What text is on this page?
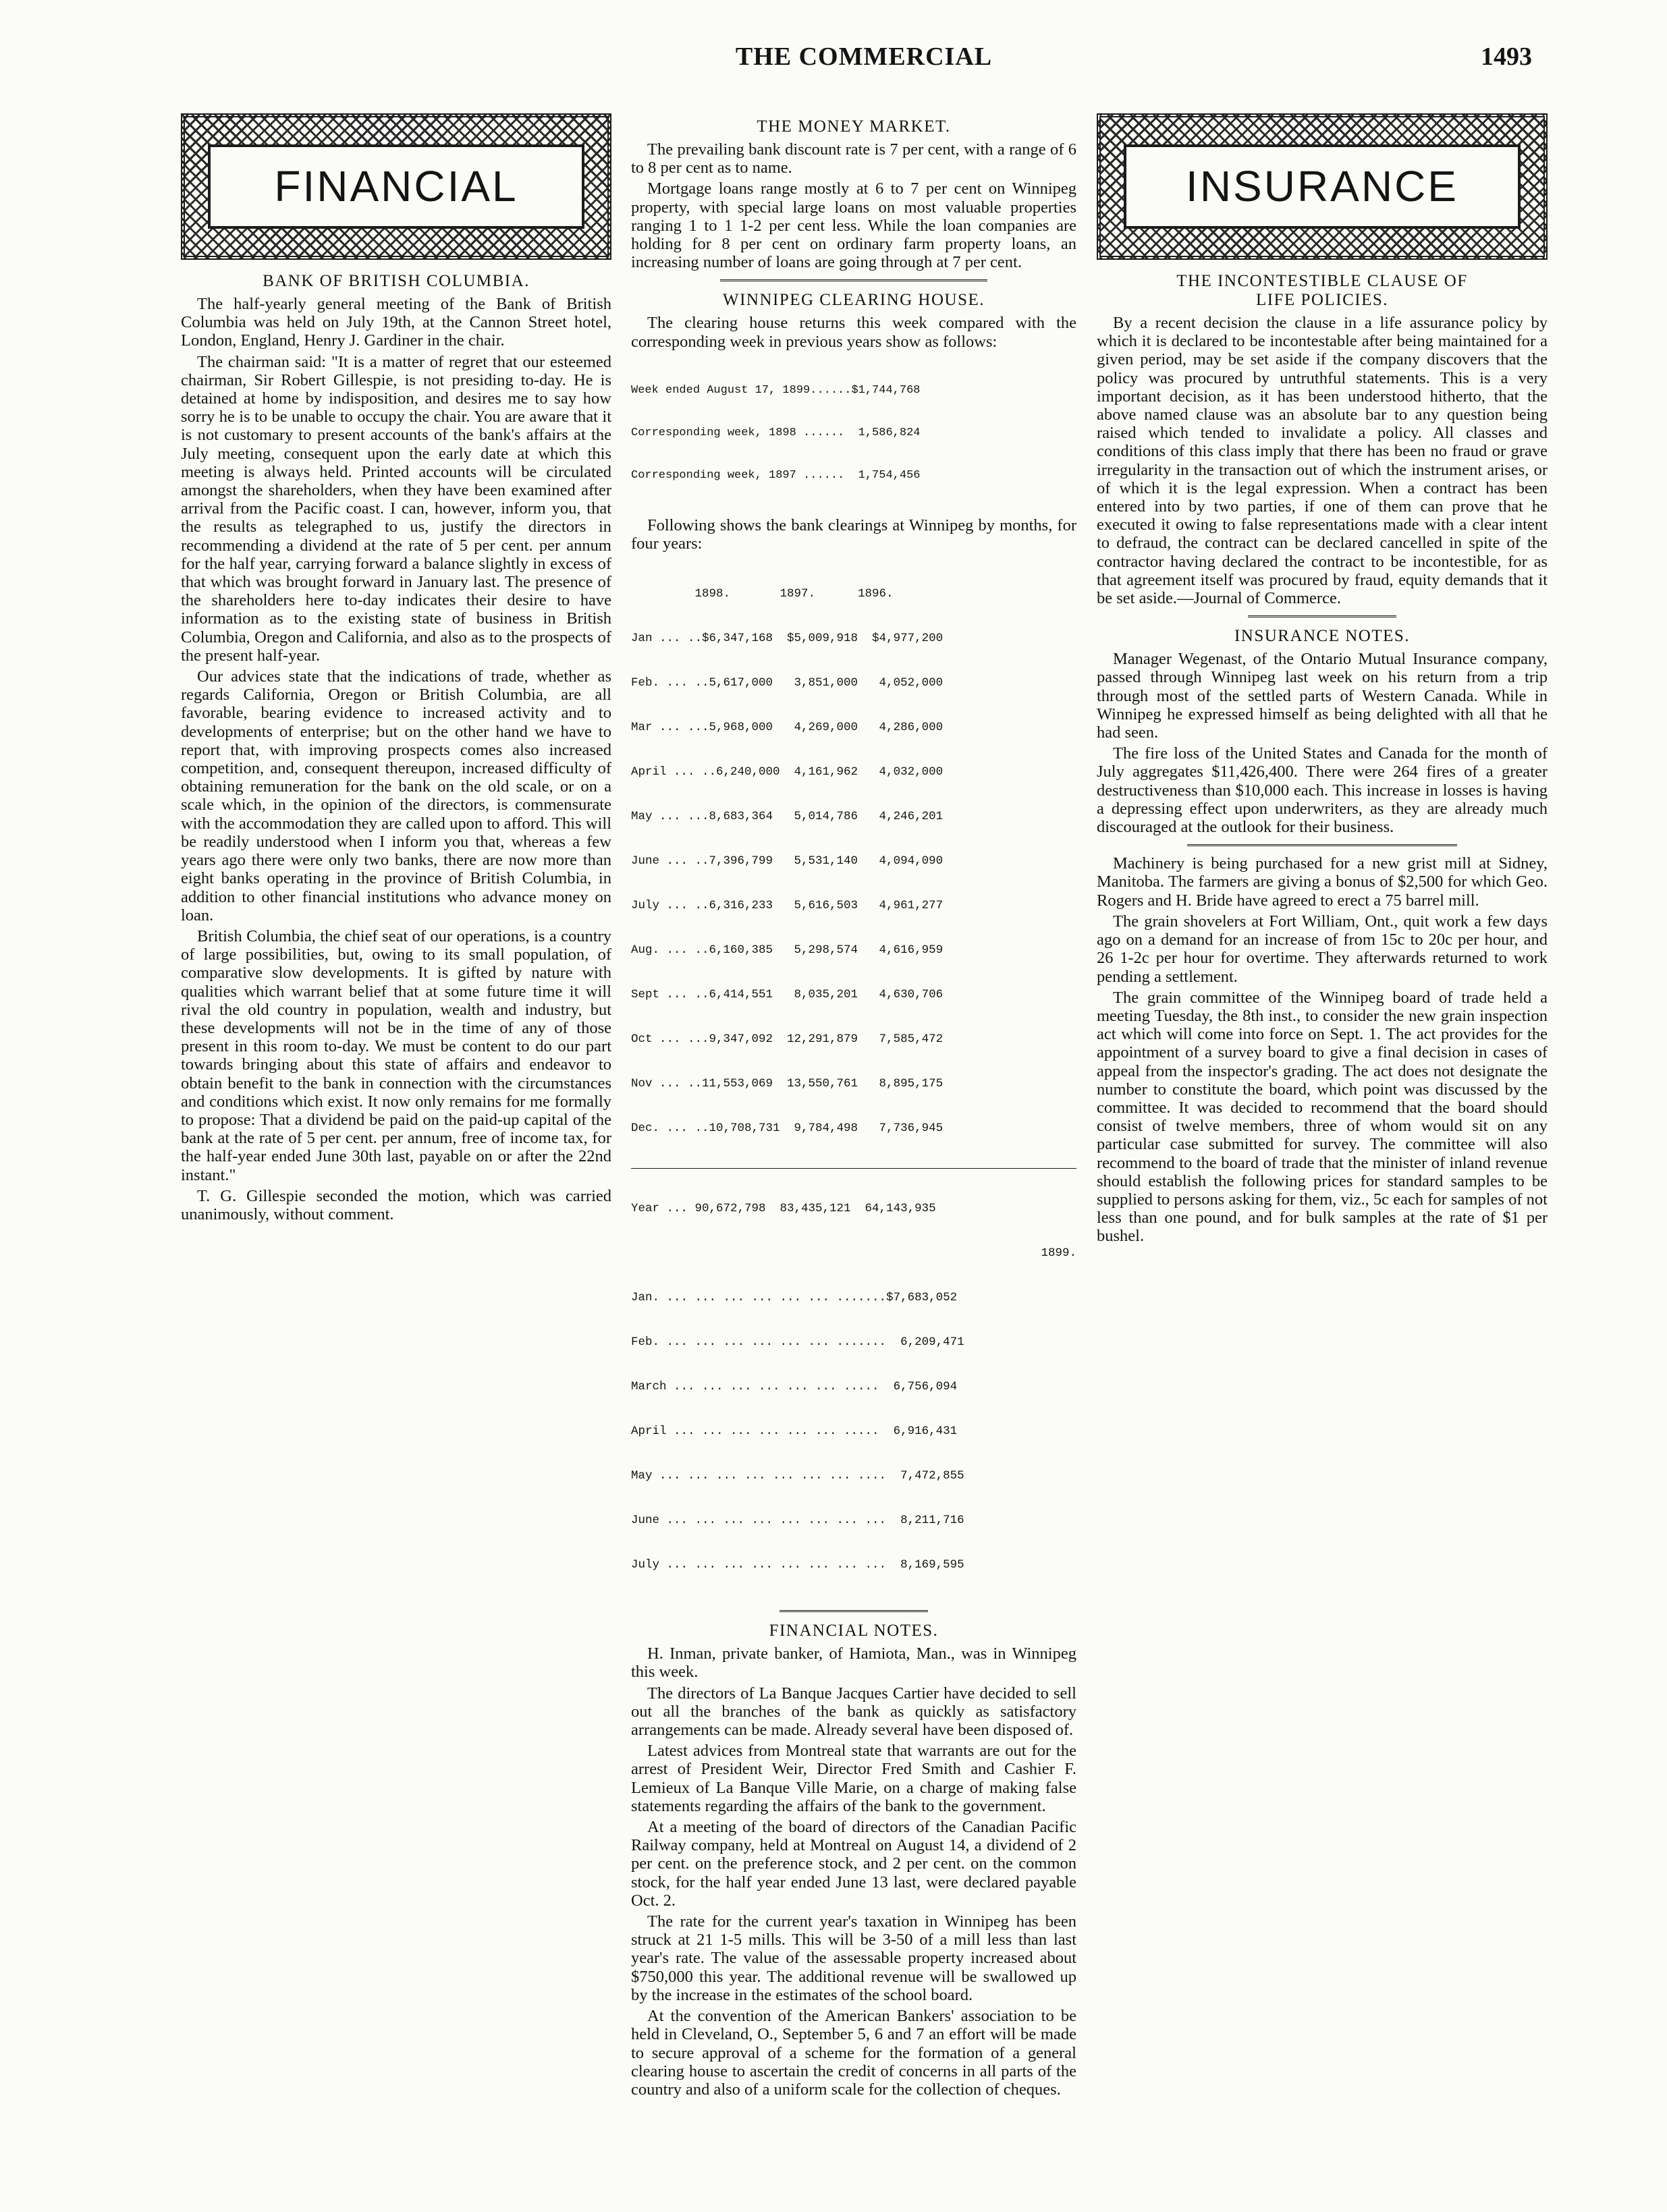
THE COMMERCIAL	1493
FINANCIAL
BANK OF BRITISH COLUMBIA.

The half-yearly general meeting of the Bank of British Columbia was held on July 19th, at the Cannon Street hotel, London, England, Henry J. Gardiner in the chair.

The chairman said: "It is a matter of regret that our esteemed chairman, Sir Robert Gillespie, is not presiding to-day. He is detained at home by indisposition, and desires me to say how sorry he is to be unable to occupy the chair. You are aware that it is not customary to present accounts of the bank's affairs at the July meeting, consequent upon the early date at which this meeting is always held. Printed accounts will be circulated amongst the shareholders, when they have been examined after arrival from the Pacific coast. I can, however, inform you, that the results as telegraphed to us, justify the directors in recommending a dividend at the rate of 5 per cent. per annum for the half year, carrying forward a balance slightly in excess of that which was brought forward in January last. The presence of the shareholders here to-day indicates their desire to have information as to the existing state of business in British Columbia, Oregon and California, and also as to the prospects of the present half-year.

Our advices state that the indications of trade, whether as regards California, Oregon or British Columbia, are all favorable, bearing evidence to increased activity and to developments of enterprise; but on the other hand we have to report that, with improving prospects comes also increased competition, and, consequent thereupon, increased difficulty of obtaining remuneration for the bank on the old scale, or on a scale which, in the opinion of the directors, is commensurate with the accommodation they are called upon to afford. This will be readily understood when I inform you that, whereas a few years ago there were only two banks, there are now more than eight banks operating in the province of British Columbia, in addition to other financial institutions who advance money on loan.

British Columbia, the chief seat of our operations, is a country of large possibilities, but, owing to its small population, of comparative slow developments. It is gifted by nature with qualities which warrant belief that at some future time it will rival the old country in population, wealth and industry, but these developments will not be in the time of any of those present in this room to-day. We must be content to do our part towards bringing about this state of affairs and endeavor to obtain benefit to the bank in connection with the circumstances and conditions which exist. It now only remains for me formally to propose: That a dividend be paid on the paid-up capital of the bank at the rate of 5 per cent. per annum, free of income tax, for the half-year ended June 30th last, payable on or after the 22nd instant."

T. G. Gillespie seconded the motion, which was carried unanimously, without comment.

THE MONEY MARKET.

The prevailing bank discount rate is 7 per cent, with a range of 6 to 8 per cent as to name.

Mortgage loans range mostly at 6 to 7 per cent on Winnipeg property, with special large loans on most valuable properties ranging 1 to 1 1-2 per cent less. While the loan companies are holding for 8 per cent on ordinary farm property loans, an increasing number of loans are going through at 7 per cent.

WINNIPEG CLEARING HOUSE.

The clearing house returns this week compared with the corresponding week in previous years show as follows:

Week ended August 17, 1899......$1,744,768

Corresponding week, 1898 ......  1,586,824

Corresponding week, 1897 ......  1,754,456

Following shows the bank clearings at Winnipeg by months, for four years:

1898.       1897.      1896.

Jan ... ..$6,347,168  $5,009,918  $4,977,200

Feb. ... ..5,617,000   3,851,000   4,052,000

Mar ... ...5,968,000   4,269,000   4,286,000

April ... ..6,240,000  4,161,962   4,032,000

May ... ...8,683,364   5,014,786   4,246,201

June ... ..7,396,799   5,531,140   4,094,090

July ... ..6,316,233   5,616,503   4,961,277

Aug. ... ..6,160,385   5,298,574   4,616,959

Sept ... ..6,414,551   8,035,201   4,630,706

Oct ... ...9,347,092  12,291,879   7,585,472

Nov ... ..11,553,069  13,550,761   8,895,175

Dec. ... ..10,708,731  9,784,498   7,736,945

Year ... 90,672,798  83,435,121  64,143,935

1899.

Jan. ... ... ... ... ... ... .......$7,683,052

Feb. ... ... ... ... ... ... .......  6,209,471

March ... ... ... ... ... ... .....  6,756,094

April ... ... ... ... ... ... .....  6,916,431

May ... ... ... ... ... ... ... ....  7,472,855

June ... ... ... ... ... ... ... ...  8,211,716

July ... ... ... ... ... ... ... ...  8,169,595

FINANCIAL NOTES.

H. Inman, private banker, of Hamiota, Man., was in Winnipeg this week.

The directors of La Banque Jacques Cartier have decided to sell out all the branches of the bank as quickly as satisfactory arrangements can be made. Already several have been disposed of.

Latest advices from Montreal state that warrants are out for the arrest of President Weir, Director Fred Smith and Cashier F. Lemieux of La Banque Ville Marie, on a charge of making false statements regarding the affairs of the bank to the government.

At a meeting of the board of directors of the Canadian Pacific Railway company, held at Montreal on August 14, a dividend of 2 per cent. on the preference stock, and 2 per cent. on the common stock, for the half year ended June 13 last, were declared payable Oct. 2.

The rate for the current year's taxation in Winnipeg has been struck at 21 1-5 mills. This will be 3-50 of a mill less than last year's rate. The value of the assessable property increased about $750,000 this year. The additional revenue will be swallowed up by the increase in the estimates of the school board.

At the convention of the American Bankers' association to be held in Cleveland, O., September 5, 6 and 7 an effort will be made to secure approval of a scheme for the formation of a general clearing house to ascertain the credit of concerns in all parts of the country and also of a uniform scale for the collection of cheques.

INSURANCE
THE INCONTESTIBLE CLAUSE OF
LIFE POLICIES.

By a recent decision the clause in a life assurance policy by which it is declared to be incontestable after being maintained for a given period, may be set aside if the company discovers that the policy was procured by untruthful statements. This is a very important decision, as it has been understood hitherto, that the above named clause was an absolute bar to any question being raised which tended to invalidate a policy. All classes and conditions of this class imply that there has been no fraud or grave irregularity in the transaction out of which the instrument arises, or of which it is the legal expression. When a contract has been entered into by two parties, if one of them can prove that he executed it owing to false representations made with a clear intent to defraud, the contract can be declared cancelled in spite of the contractor having declared the contract to be incontestible, for as that agreement itself was procured by fraud, equity demands that it be set aside.—Journal of Commerce.

INSURANCE NOTES.

Manager Wegenast, of the Ontario Mutual Insurance company, passed through Winnipeg last week on his return from a trip through most of the settled parts of Western Canada. While in Winnipeg he expressed himself as being delighted with all that he had seen.

The fire loss of the United States and Canada for the month of July aggregates $11,426,400. There were 264 fires of a greater destructiveness than $10,000 each. This increase in losses is having a depressing effect upon underwriters, as they are already much discouraged at the outlook for their business.

Machinery is being purchased for a new grist mill at Sidney, Manitoba. The farmers are giving a bonus of $2,500 for which Geo. Rogers and H. Bride have agreed to erect a 75 barrel mill.

The grain shovelers at Fort William, Ont., quit work a few days ago on a demand for an increase of from 15c to 20c per hour, and 26 1-2c per hour for overtime. They afterwards returned to work pending a settlement.

The grain committee of the Winnipeg board of trade held a meeting Tuesday, the 8th inst., to consider the new grain inspection act which will come into force on Sept. 1. The act provides for the appointment of a survey board to give a final decision in cases of appeal from the inspector's grading. The act does not designate the number to constitute the board, which point was discussed by the committee. It was decided to recommend that the board should consist of twelve members, three of whom would sit on any particular case submitted for survey. The committee will also recommend to the board of trade that the minister of inland revenue should establish the following prices for standard samples to be supplied to persons asking for them, viz., 5c each for samples of not less than one pound, and for bulk samples at the rate of $1 per bushel.
